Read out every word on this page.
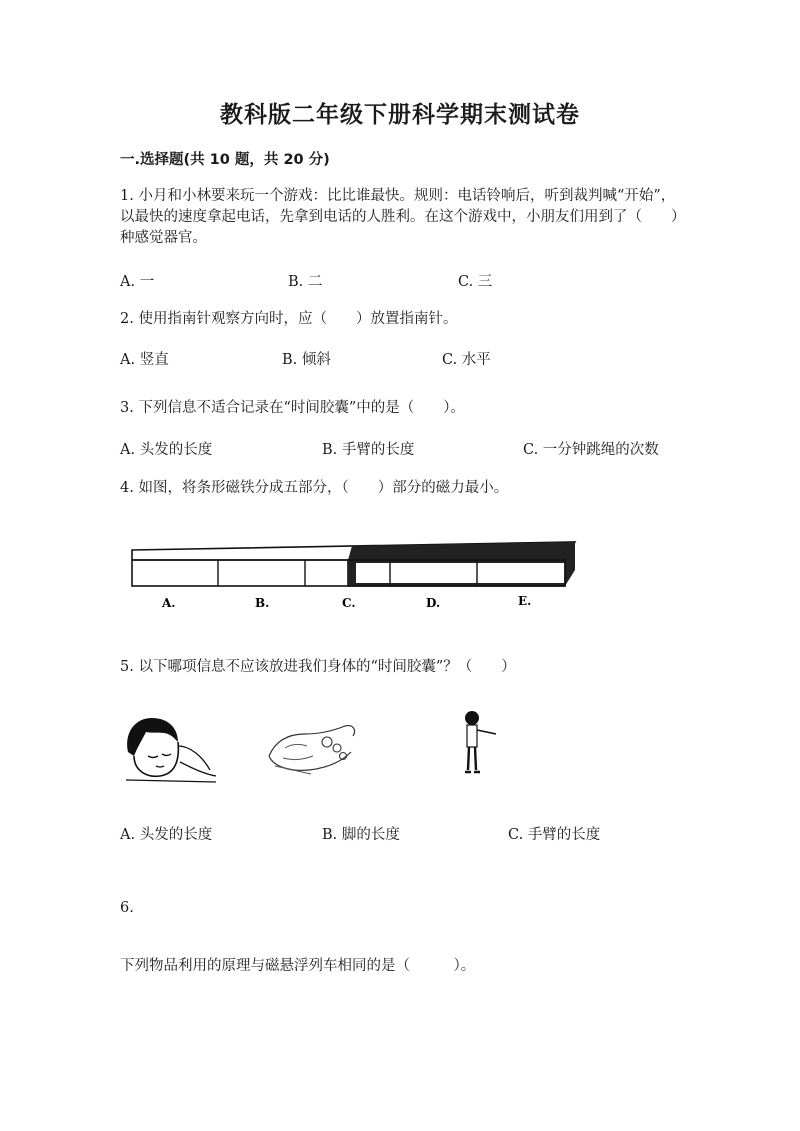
教科版二年级下册科学期末测试卷
一.选择题(共 10 题，共 20 分)
1. 小月和小林要来玩一个游戏：比比谁最快。规则：电话铃响后，听到裁判喊“开始”，以最快的速度拿起电话，先拿到电话的人胜利。在这个游戏中，小朋友们用到了（　　）种感觉器官。
A. 一	B. 二	C. 三
2. 使用指南针观察方向时，应（　　）放置指南针。
A. 竖直	B. 倾斜	C. 水平
3. 下列信息不适合记录在“时间胶囊”中的是（　　）。
A. 头发的长度	B. 手臂的长度	C. 一分钟跳绳的次数
4. 如图，将条形磁铁分成五部分，（　　）部分的磁力最小。
A.	B.	C.	D.	E.
5. 以下哪项信息不应该放进我们身体的“时间胶囊”？（　　）
A. 头发的长度	B. 脚的长度	C. 手臂的长度
6.
下列物品利用的原理与磁悬浮列车相同的是（　　　）。
